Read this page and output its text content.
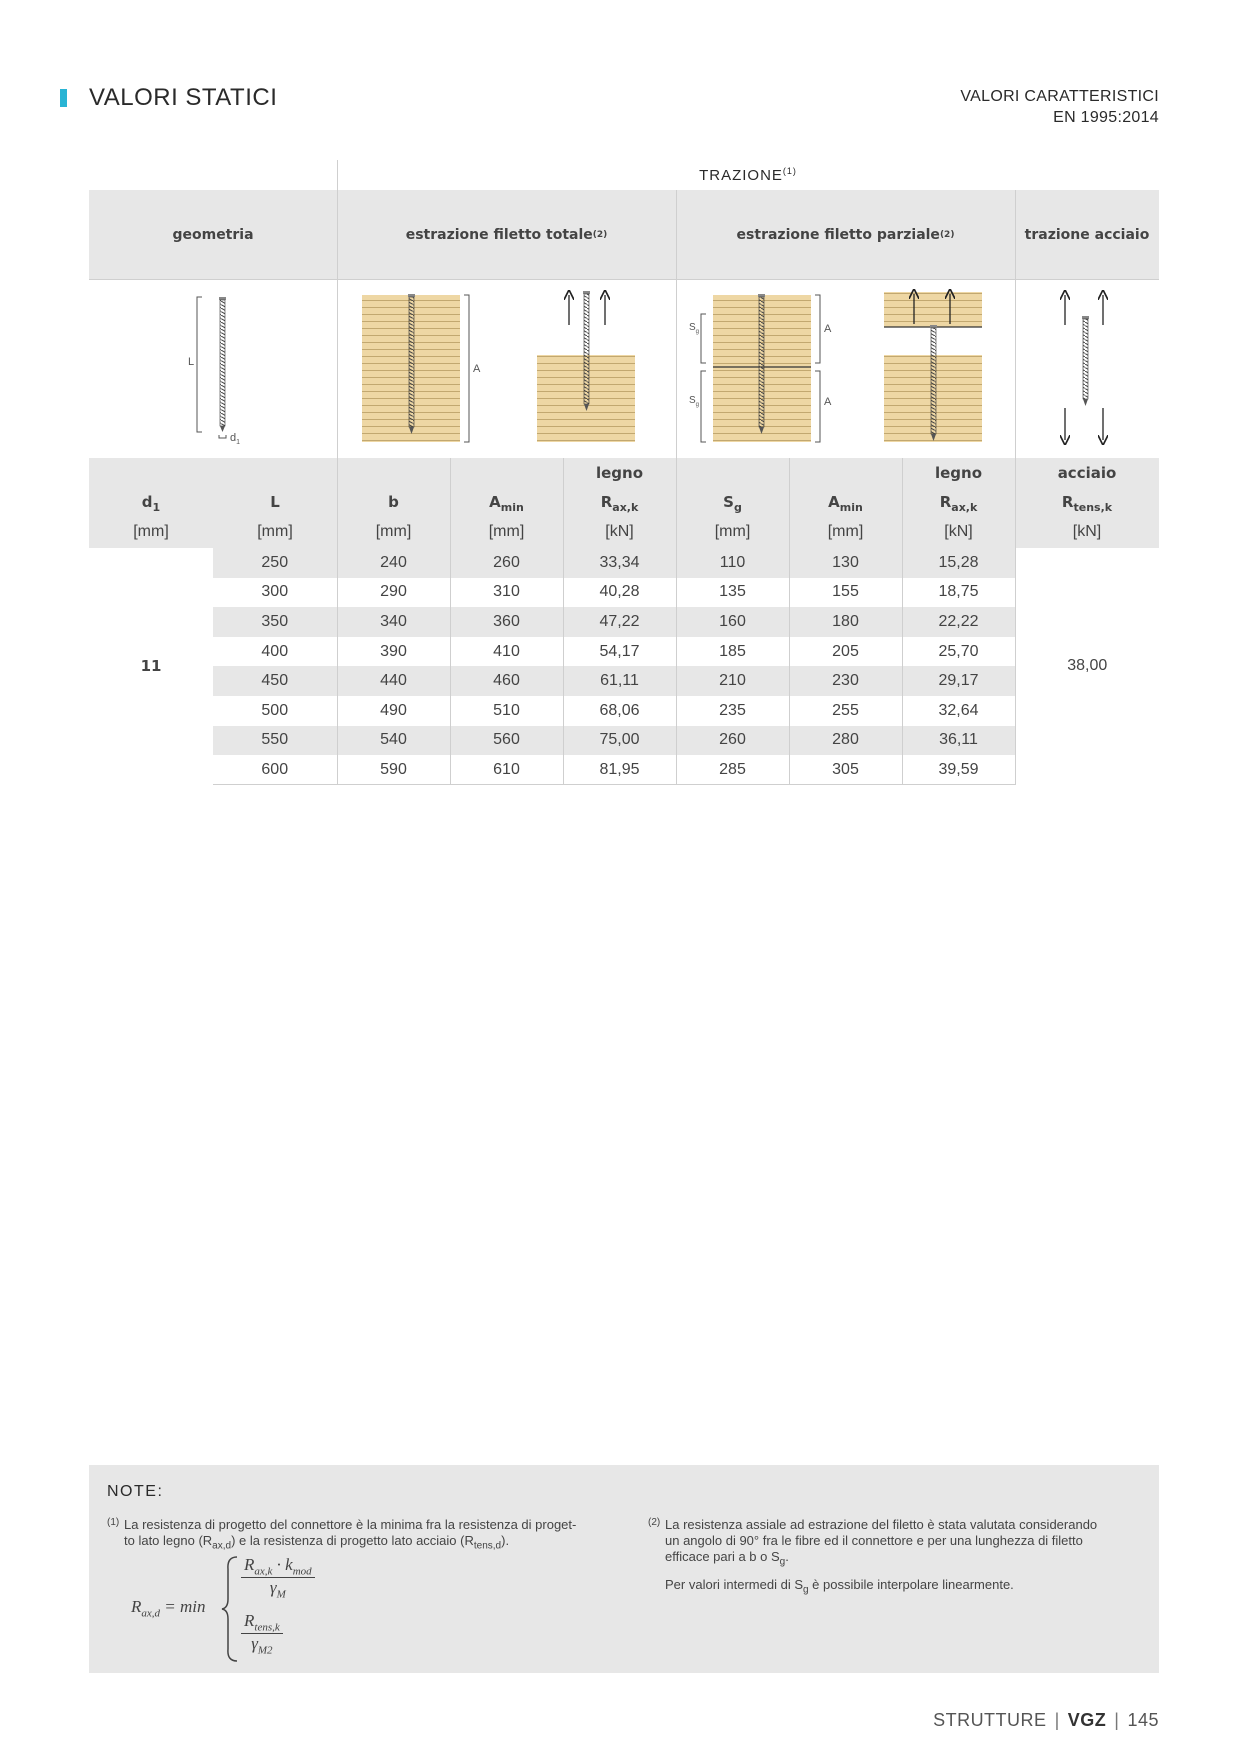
VALORI STATICI	VALORI CARATTERISTICI
EN 1995:2014
TRAZIONE$^{(1)}$
geometria	estrazione filetto totale (2)	estrazione filetto parziale (2)	trazione acciaio
L
$d_1$
A
$S_g$
$S_g$
A
A
legno	legno	acciaio
$d_1$	L	b	$A_{min}$	$R_{ax,k}$	$S_g$	$A_{min}$	$R_{ax,k}$	$R_{tens,k}$
[mm]	[mm]	[mm]	[mm]	[kN]	[mm]	[mm]	[kN]	[kN]
11	250	240	260	33,34	110	130	15,28	38,00
	300	290	310	40,28	135	155	18,75	
	350	340	360	47,22	160	180	22,22	
	400	390	410	54,17	185	205	25,70	
	450	440	460	61,11	210	230	29,17	
	500	490	510	68,06	235	255	32,64	
	550	540	560	75,00	260	280	36,11	
	600	590	610	81,95	285	305	39,59	
NOTE:
(1) La resistenza di progetto del connettore è la minima fra la resistenza di proget-
to lato legno $(R_{ax,d})$ e la resistenza di progetto lato acciaio $(R_{tens,d})$.
$R_{ax,d} = \min$
$R_{ax,k} \cdot k_{mod}$
$\gamma_M$
$R_{tens,k}$
$\gamma_{M2}$
(2) La resistenza assiale ad estrazione del filetto è stata valutata considerando
un angolo di 90° fra le fibre ed il connettore e per una lunghezza di filetto
efficace pari a b o $S_g$.
Per valori intermedi di $S_g$ è possibile interpolare linearmente.
STRUTTURE | VGZ | 145
